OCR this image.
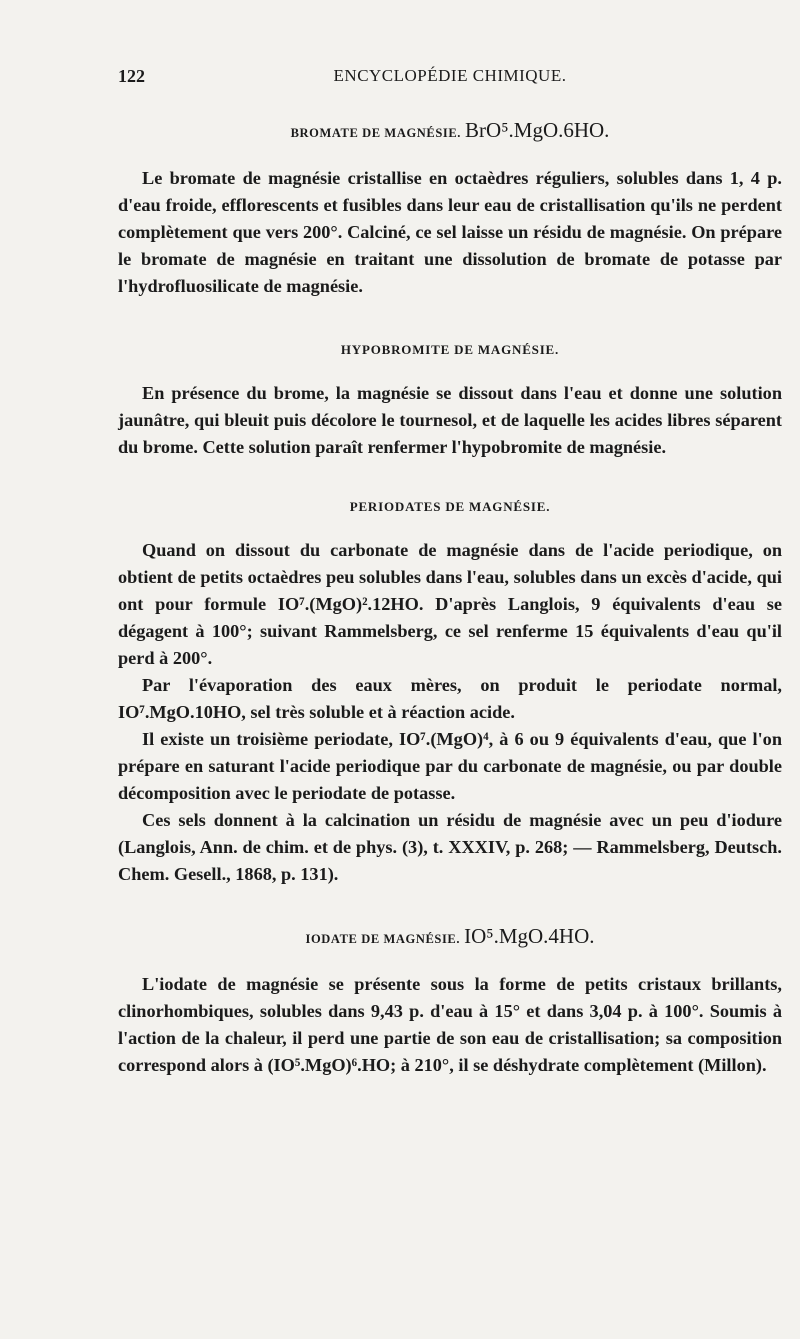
122	ENCYCLOPÉDIE CHIMIQUE.
BROMATE DE MAGNÉSIE. BrO⁵.MgO.6HO.

Le bromate de magnésie cristallise en octaèdres réguliers, solubles dans 1, 4 p. d'eau froide, efflorescents et fusibles dans leur eau de cristallisation qu'ils ne perdent complètement que vers 200°. Calciné, ce sel laisse un résidu de magnésie. On prépare le bromate de magnésie en traitant une dissolution de bromate de potasse par l'hydrofluosilicate de magnésie.

HYPOBROMITE DE MAGNÉSIE.

En présence du brome, la magnésie se dissout dans l'eau et donne une solution jaunâtre, qui bleuit puis décolore le tournesol, et de laquelle les acides libres séparent du brome. Cette solution paraît renfermer l'hypobromite de magnésie.

PERIODATES DE MAGNÉSIE.

Quand on dissout du carbonate de magnésie dans de l'acide periodique, on obtient de petits octaèdres peu solubles dans l'eau, solubles dans un excès d'acide, qui ont pour formule IO⁷.(MgO)².12HO. D'après Langlois, 9 équivalents d'eau se dégagent à 100°; suivant Rammelsberg, ce sel renferme 15 équivalents d'eau qu'il perd à 200°.

Par l'évaporation des eaux mères, on produit le periodate normal, IO⁷.MgO.10HO, sel très soluble et à réaction acide.

Il existe un troisième periodate, IO⁷.(MgO)⁴, à 6 ou 9 équivalents d'eau, que l'on prépare en saturant l'acide periodique par du carbonate de magnésie, ou par double décomposition avec le periodate de potasse.

Ces sels donnent à la calcination un résidu de magnésie avec un peu d'iodure (Langlois, Ann. de chim. et de phys. (3), t. XXXIV, p. 268; — Rammelsberg, Deutsch. Chem. Gesell., 1868, p. 131).

IODATE DE MAGNÉSIE. IO⁵.MgO.4HO.

L'iodate de magnésie se présente sous la forme de petits cristaux brillants, clinorhombiques, solubles dans 9,43 p. d'eau à 15° et dans 3,04 p. à 100°. Soumis à l'action de la chaleur, il perd une partie de son eau de cristallisation; sa composition correspond alors à (IO⁵.MgO)⁶.HO; à 210°, il se déshydrate complètement (Millon).
